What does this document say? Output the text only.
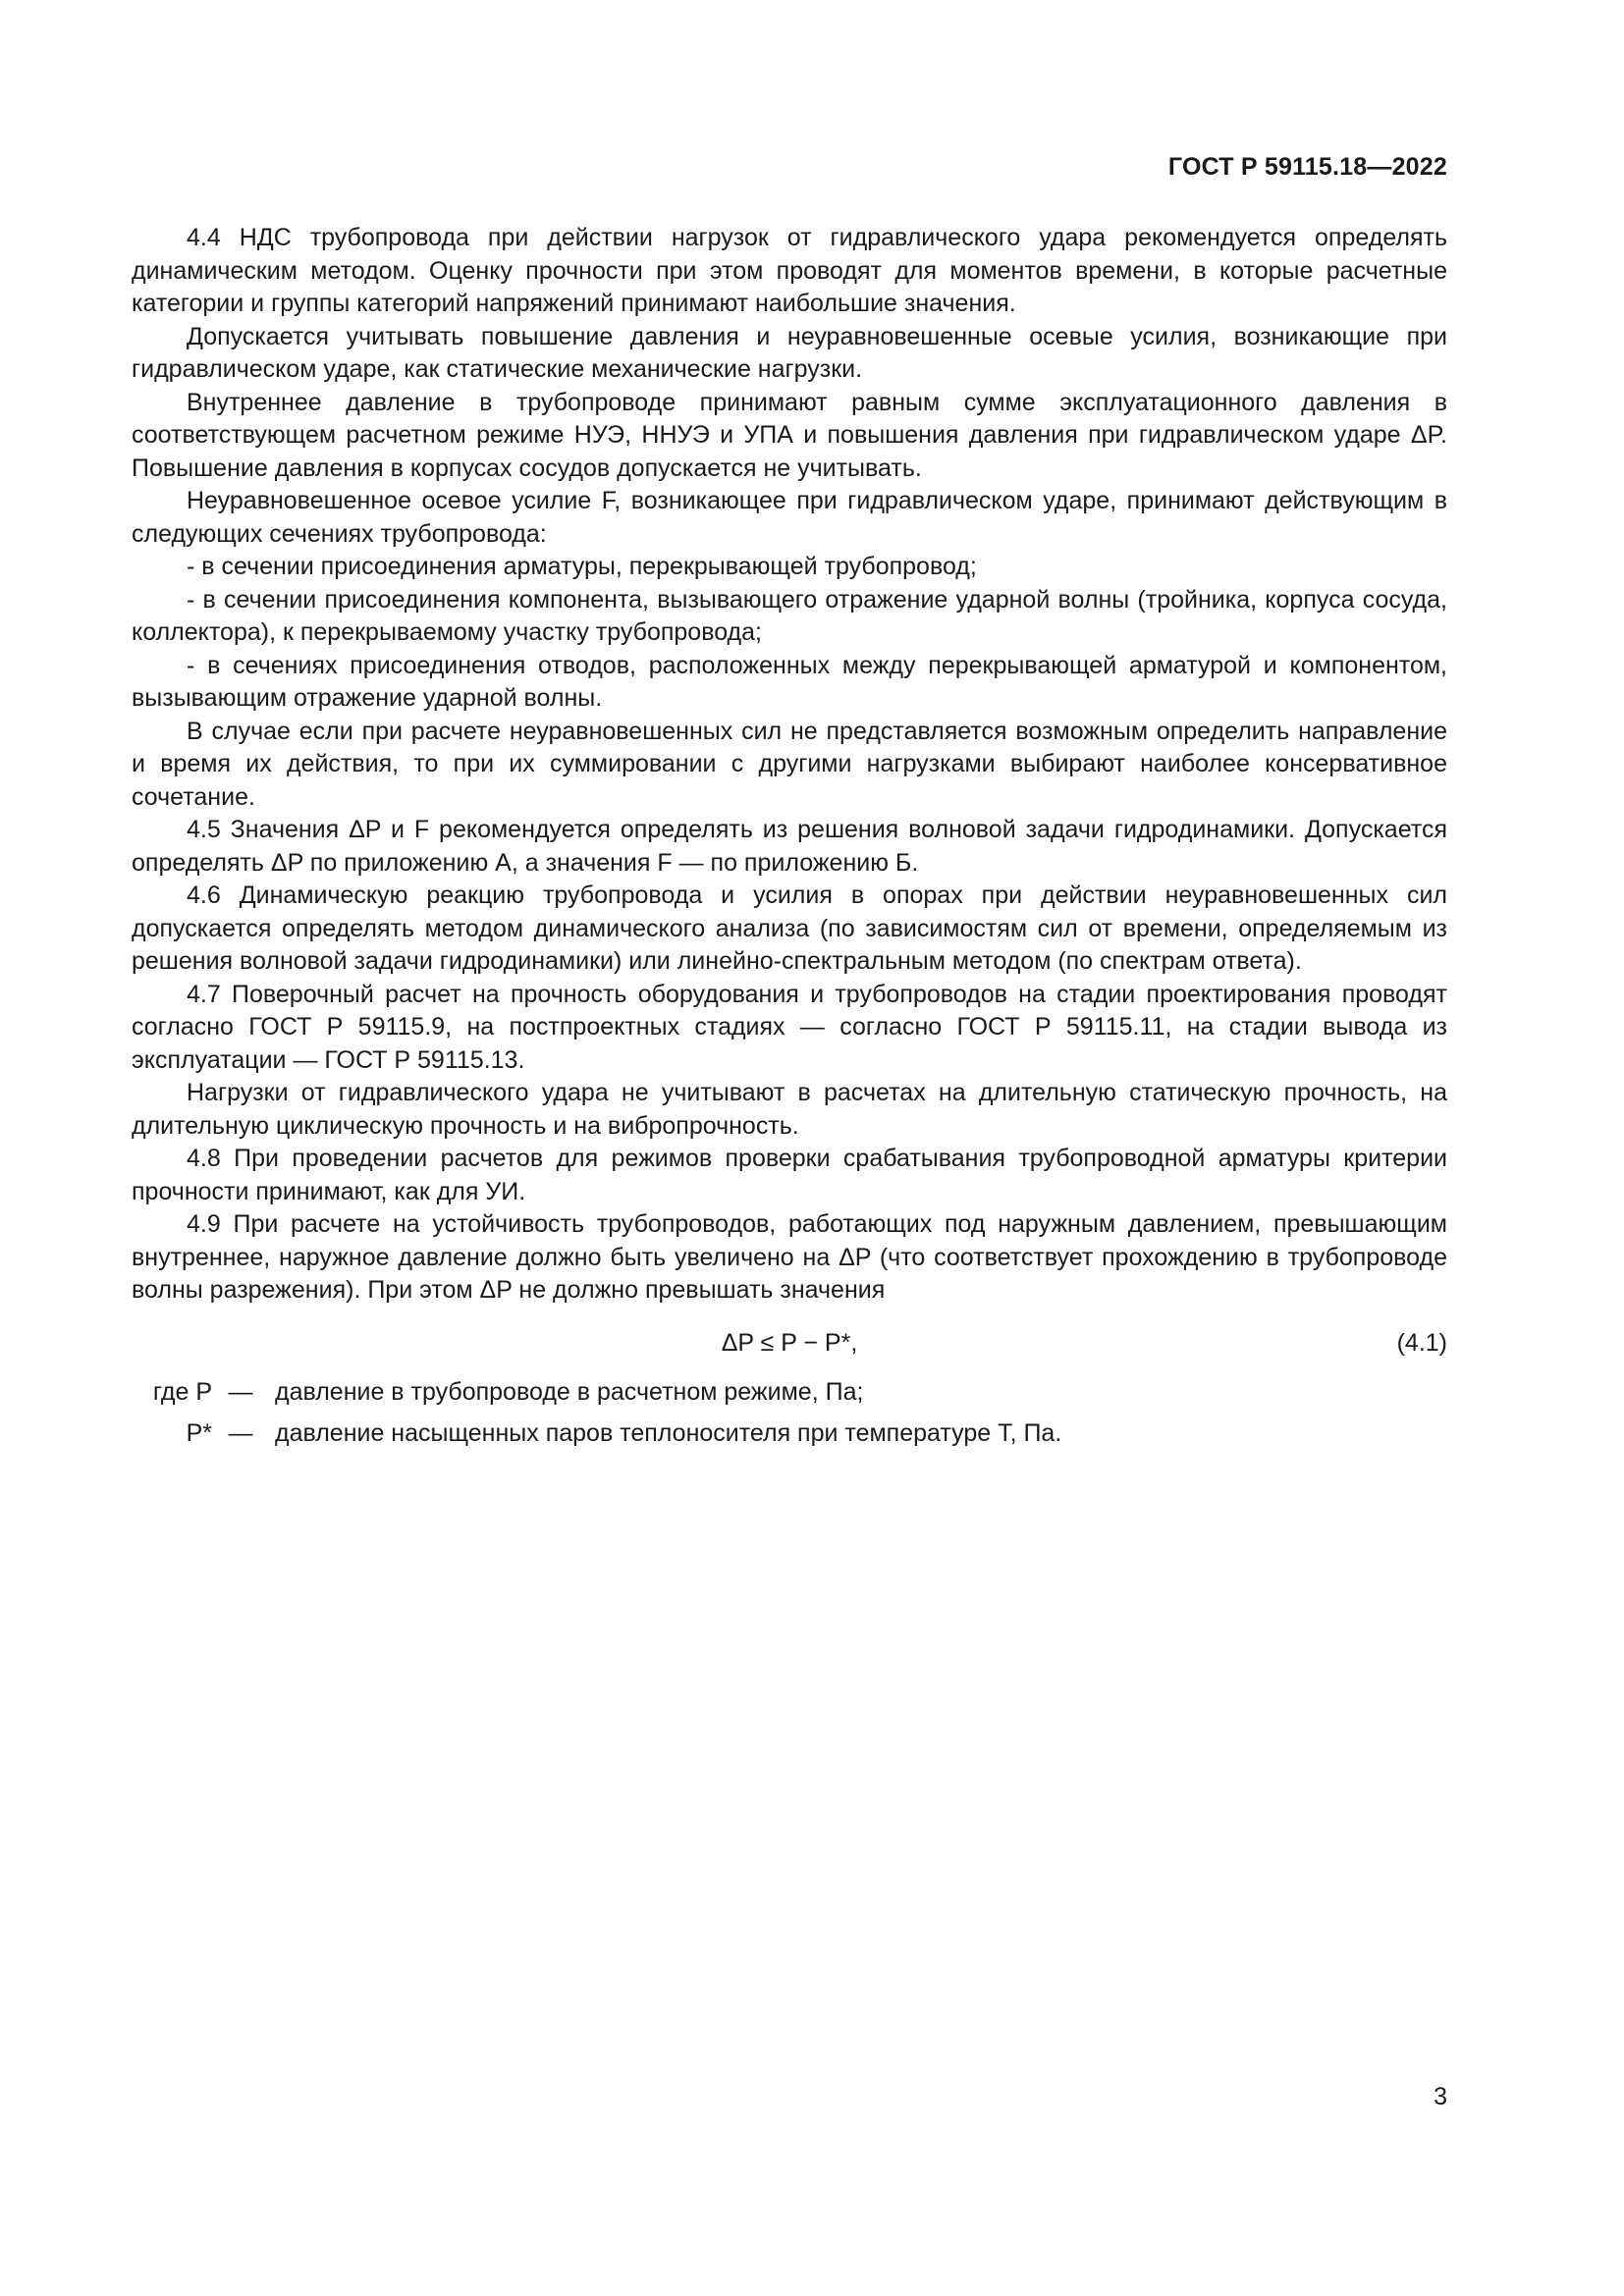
ГОСТ Р 59115.18—2022

4.4 НДС трубопровода при действии нагрузок от гидравлического удара рекомендуется определять динамическим методом. Оценку прочности при этом проводят для моментов времени, в которые расчетные категории и группы категорий напряжений принимают наибольшие значения.

Допускается учитывать повышение давления и неуравновешенные осевые усилия, возникающие при гидравлическом ударе, как статические механические нагрузки.

Внутреннее давление в трубопроводе принимают равным сумме эксплуатационного давления в соответствующем расчетном режиме НУЭ, ННУЭ и УПА и повышения давления при гидравлическом ударе ΔP. Повышение давления в корпусах сосудов допускается не учитывать.

Неуравновешенное осевое усилие F, возникающее при гидравлическом ударе, принимают действующим в следующих сечениях трубопровода:

- в сечении присоединения арматуры, перекрывающей трубопровод;

- в сечении присоединения компонента, вызывающего отражение ударной волны (тройника, корпуса сосуда, коллектора), к перекрываемому участку трубопровода;

- в сечениях присоединения отводов, расположенных между перекрывающей арматурой и компонентом, вызывающим отражение ударной волны.

В случае если при расчете неуравновешенных сил не представляется возможным определить направление и время их действия, то при их суммировании с другими нагрузками выбирают наиболее консервативное сочетание.

4.5 Значения ΔP и F рекомендуется определять из решения волновой задачи гидродинамики. Допускается определять ΔP по приложению А, а значения F — по приложению Б.

4.6 Динамическую реакцию трубопровода и усилия в опорах при действии неуравновешенных сил допускается определять методом динамического анализа (по зависимостям сил от времени, определяемым из решения волновой задачи гидродинамики) или линейно-спектральным методом (по спектрам ответа).

4.7 Поверочный расчет на прочность оборудования и трубопроводов на стадии проектирования проводят согласно ГОСТ Р 59115.9, на постпроектных стадиях — согласно ГОСТ Р 59115.11, на стадии вывода из эксплуатации — ГОСТ Р 59115.13.

Нагрузки от гидравлического удара не учитывают в расчетах на длительную статическую прочность, на длительную циклическую прочность и на вибропрочность.

4.8 При проведении расчетов для режимов проверки срабатывания трубопроводной арматуры критерии прочности принимают, как для УИ.

4.9 При расчете на устойчивость трубопроводов, работающих под наружным давлением, превышающим внутреннее, наружное давление должно быть увеличено на ΔP (что соответствует прохождению в трубопроводе волны разрежения). При этом ΔP не должно превышать значения

ΔP ≤ P − P*,	(4.1)
где P — давление в трубопроводе в расчетном режиме, Па;
P* — давление насыщенных паров теплоносителя при температуре T, Па.
3
